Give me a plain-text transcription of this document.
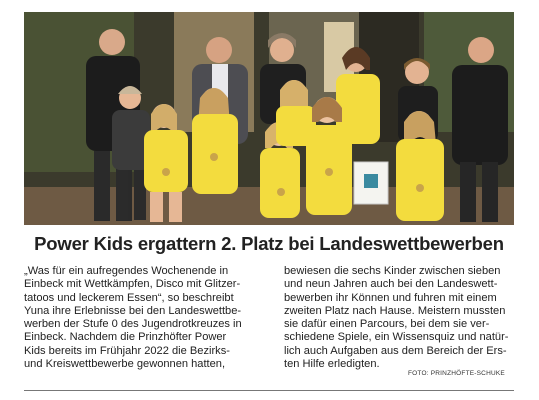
Power Kids ergattern 2. Platz bei Landeswettbewerben
„Was für ein aufregendes Wochenende in
Einbeck mit Wettkämpfen, Disco mit Glitzer-
tatoos und leckerem Essen“, so beschreibt
Yuna ihre Erlebnisse bei den Landeswettbe-
werben der Stufe 0 des Jugendrotkreuzes in
Einbeck. Nachdem die Prinzhöfter Power
Kids bereits im Frühjahr 2022 die Bezirks-
und Kreiswettbewerbe gewonnen hatten,
bewiesen die sechs Kinder zwischen sieben
und neun Jahren auch bei den Landeswett-
bewerben ihr Können und fuhren mit einem
zweiten Platz nach Hause. Meistern mussten
sie dafür einen Parcours, bei dem sie ver-
schiedene Spiele, ein Wissensquiz und natür-
lich auch Aufgaben aus dem Bereich der Ers-
ten Hilfe erledigten.
FOTO: PRINZHÖFTE-SCHUKE
